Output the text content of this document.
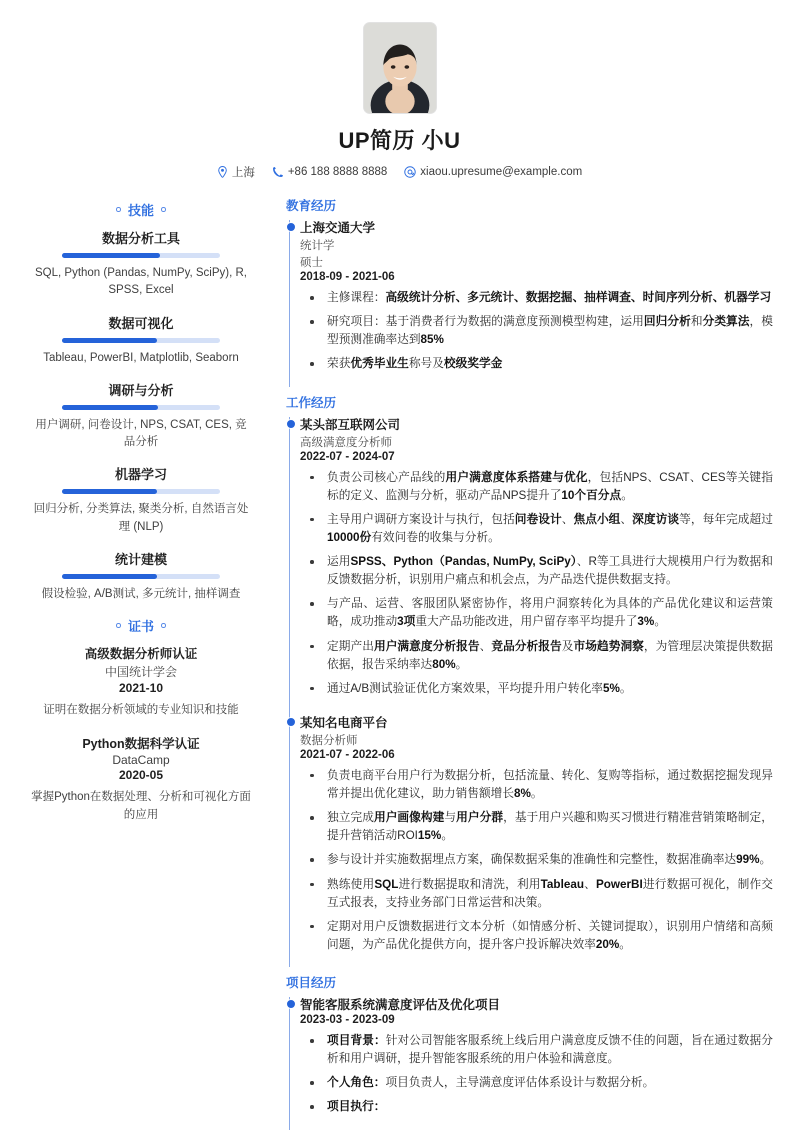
UP简历 小U
上海	+86 188 8888 8888	xiaou.upresume@example.com
技能
数据分析工具
SQL, Python (Pandas, NumPy, SciPy), R, SPSS, Excel
数据可视化
Tableau, PowerBI, Matplotlib, Seaborn
调研与分析
用户调研, 问卷设计, NPS, CSAT, CES, 竞品分析
机器学习
回归分析, 分类算法, 聚类分析, 自然语言处理 (NLP)
统计建模
假设检验, A/B测试, 多元统计, 抽样调查
证书
高级数据分析师认证
中国统计学会
2021-10
证明在数据分析领域的专业知识和技能
Python数据科学认证
DataCamp
2020-05
掌握Python在数据处理、分析和可视化方面的应用
教育经历
上海交通大学
统计学
硕士
2018-09 - 2021-06
主修课程：高级统计分析、多元统计、数据挖掘、抽样调查、时间序列分析、机器学习
研究项目：基于消费者行为数据的满意度预测模型构建，运用回归分析和分类算法，模型预测准确率达到85%
荣获优秀毕业生称号及校级奖学金
工作经历
某头部互联网公司
高级满意度分析师
2022-07 - 2024-07
负责公司核心产品线的用户满意度体系搭建与优化，包括NPS、CSAT、CES等关键指标的定义、监测与分析，驱动产品NPS提升了10个百分点。
主导用户调研方案设计与执行，包括问卷设计、焦点小组、深度访谈等，每年完成超过10000份有效问卷的收集与分析。
运用SPSS、Python（Pandas, NumPy, SciPy）、R等工具进行大规模用户行为数据和反馈数据分析，识别用户痛点和机会点，为产品迭代提供数据支持。
与产品、运营、客服团队紧密协作，将用户洞察转化为具体的产品优化建议和运营策略，成功推动3项重大产品功能改进，用户留存率平均提升了3%。
定期产出用户满意度分析报告、竞品分析报告及市场趋势洞察，为管理层决策提供数据依据，报告采纳率达80%。
通过A/B测试验证优化方案效果，平均提升用户转化率5%。
某知名电商平台
数据分析师
2021-07 - 2022-06
负责电商平台用户行为数据分析，包括流量、转化、复购等指标，通过数据挖掘发现异常并提出优化建议，助力销售额增长8%。
独立完成用户画像构建与用户分群，基于用户兴趣和购买习惯进行精准营销策略制定，提升营销活动ROI15%。
参与设计并实施数据埋点方案，确保数据采集的准确性和完整性，数据准确率达99%。
熟练使用SQL进行数据提取和清洗，利用Tableau、PowerBI进行数据可视化，制作交互式报表，支持业务部门日常运营和决策。
定期对用户反馈数据进行文本分析（如情感分析、关键词提取），识别用户情绪和高频问题，为产品优化提供方向，提升客户投诉解决效率20%。
项目经历
智能客服系统满意度评估及优化项目
2023-03 - 2023-09
项目背景：针对公司智能客服系统上线后用户满意度反馈不佳的问题，旨在通过数据分析和用户调研，提升智能客服系统的用户体验和满意度。
个人角色：项目负责人，主导满意度评估体系设计与数据分析。
项目执行：
